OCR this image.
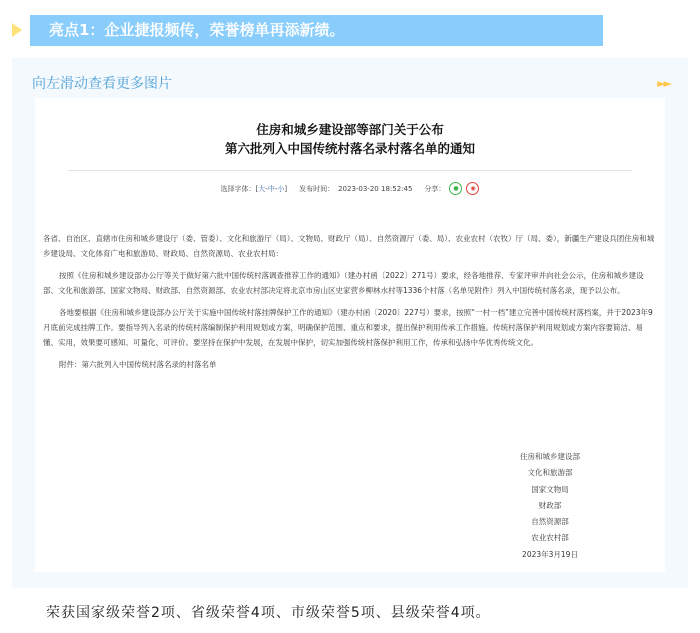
亮点1：企业捷报频传，荣誉榜单再添新绩。
向左滑动查看更多图片	►►
住房和城乡建设部等部门关于公布
第六批列入中国传统村落名录村落名单的通知
选择字体：[大-中-小] 发布时间： 2023-03-20 18:52:45 分享：	●	◉

各省、自治区、直辖市住房和城乡建设厅（委、管委）、文化和旅游厅（局）、文物局、财政厅（局）、自然资源厅（委、局）、农业农村（农牧）厅（局、委），新疆生产建设兵团住房和城乡建设局、文化体育广电和旅游局、财政局、自然资源局、农业农村局：

按照《住房和城乡建设部办公厅等关于做好第六批中国传统村落调查推荐工作的通知》（建办村函〔2022〕271号）要求，经各地推荐、专家评审并向社会公示，住房和城乡建设部、文化和旅游部、国家文物局、财政部、自然资源部、农业农村部决定将北京市房山区史家营乡柳林水村等1336个村落（名单见附件）列入中国传统村落名录，现予以公布。

各地要根据《住房和城乡建设部办公厅关于实施中国传统村落挂牌保护工作的通知》（建办村函〔2020〕227号）要求，按照“一村一档”建立完善中国传统村落档案，并于2023年9月底前完成挂牌工作。要指导列入名录的传统村落编制保护利用规划或方案，明确保护范围、重点和要求，提出保护利用传承工作措施。传统村落保护利用规划或方案内容要简洁、易懂、实用，效果要可感知、可量化、可评价。要坚持在保护中发展，在发展中保护，切实加强传统村落保护利用工作，传承和弘扬中华优秀传统文化。

附件：第六批列入中国传统村落名录的村落名单

住房和城乡建设部
文化和旅游部
国家文物局
财政部
自然资源部
农业农村部
2023年3月19日
荣获国家级荣誉2项、省级荣誉4项、市级荣誉5项、县级荣誉4项。
